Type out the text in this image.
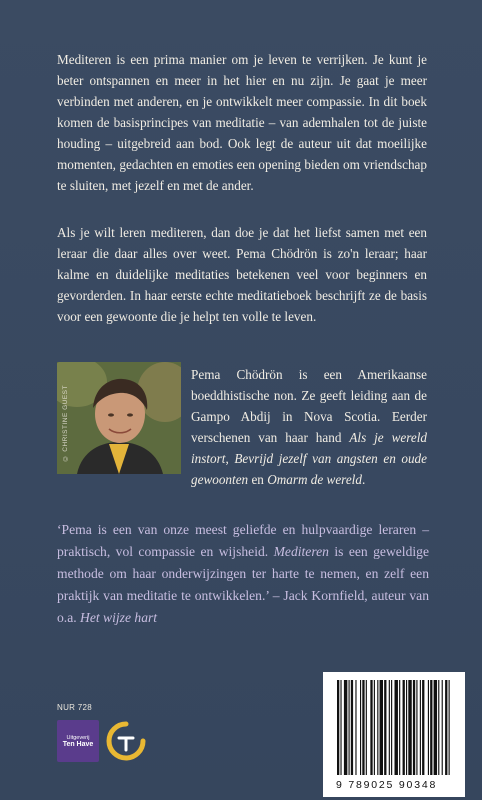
Mediteren is een prima manier om je leven te verrijken. Je kunt je beter ontspannen en meer in het hier en nu zijn. Je gaat je meer verbinden met anderen, en je ontwikkelt meer compassie. In dit boek komen de basisprincipes van meditatie – van ademhalen tot de juiste houding – uitgebreid aan bod. Ook legt de auteur uit dat moeilijke momenten, gedachten en emoties een opening bieden om vriendschap te sluiten, met jezelf en met de ander.

Als je wilt leren mediteren, dan doe je dat het liefst samen met een leraar die daar alles over weet. Pema Chödrön is zo'n leraar; haar kalme en duidelijke meditaties betekenen veel voor beginners en gevorderden. In haar eerste echte meditatieboek beschrijft ze de basis voor een gewoonte die je helpt ten volle te leven.

© CHRISTINE GUEST

Pema Chödrön is een Amerikaanse boeddhistische non. Ze geeft leiding aan de Gampo Abdij in Nova Scotia. Eerder verschenen van haar hand Als je wereld instort, Bevrijd jezelf van angsten en oude gewoonten en Omarm de wereld.

‘Pema is een van onze meest geliefde en hulpvaardige leraren – praktisch, vol compassie en wijsheid. Mediteren is een geweldige methode om haar onderwijzingen ter harte te nemen, en zelf een praktijk van meditatie te ontwikkelen.’ – Jack Kornfield, auteur van o.a. Het wijze hart

NUR 728
Uitgeverij
Ten Have
9 789025 90348
